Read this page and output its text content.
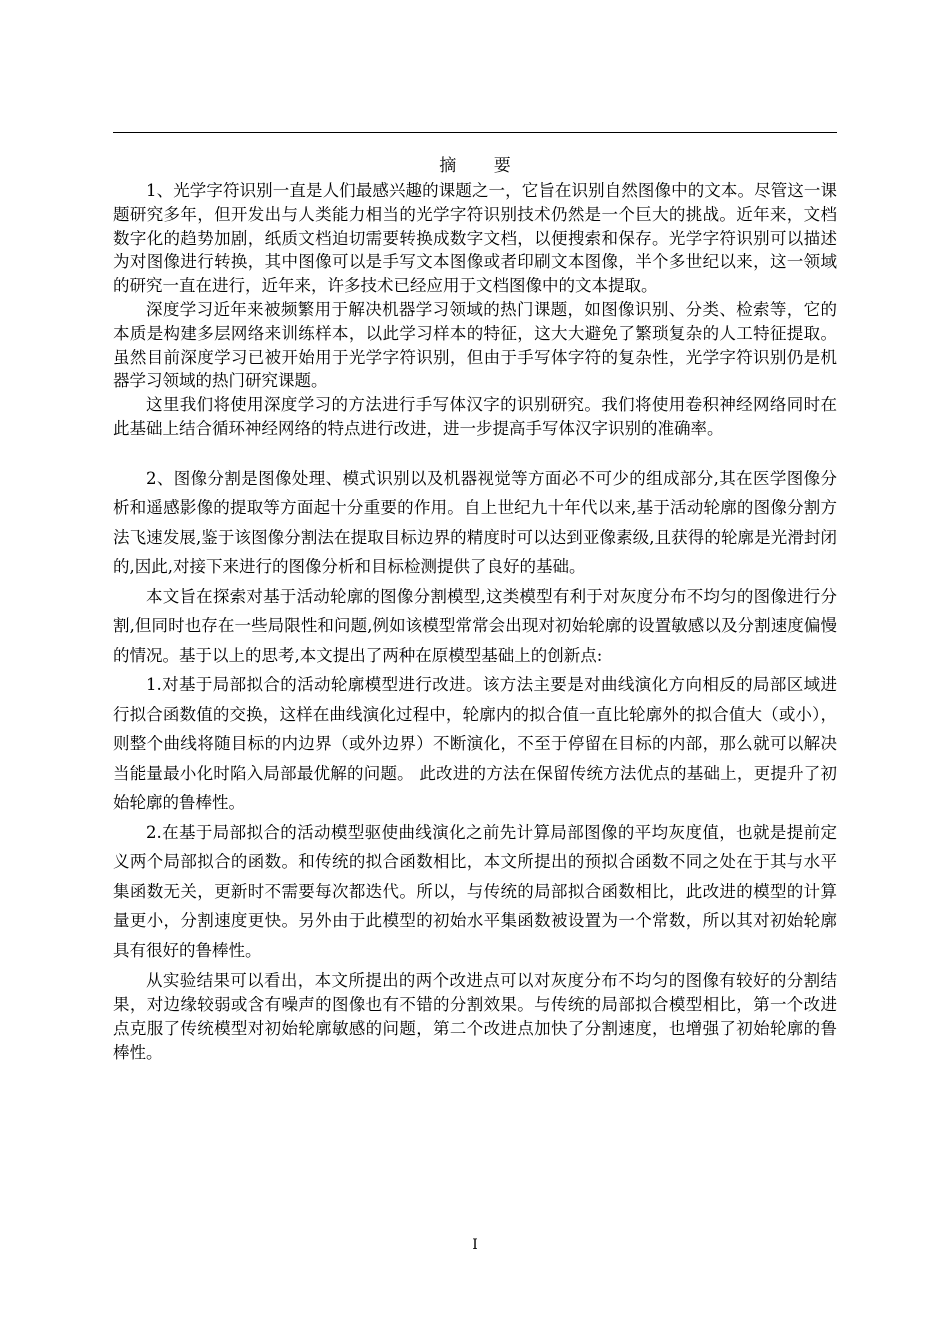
摘 要

1、光学字符识别一直是人们最感兴趣的课题之一，它旨在识别自然图像中的文本。尽管这一课题研究多年，但开发出与人类能力相当的光学字符识别技术仍然是一个巨大的挑战。近年来，文档数字化的趋势加剧，纸质文档迫切需要转换成数字文档，以便搜索和保存。光学字符识别可以描述为对图像进行转换，其中图像可以是手写文本图像或者印刷文本图像，半个多世纪以来，这一领域的研究一直在进行，近年来，许多技术已经应用于文档图像中的文本提取。

深度学习近年来被频繁用于解决机器学习领域的热门课题，如图像识别、分类、检索等，它的本质是构建多层网络来训练样本，以此学习样本的特征，这大大避免了繁琐复杂的人工特征提取。虽然目前深度学习已被开始用于光学字符识别，但由于手写体字符的复杂性，光学字符识别仍是机器学习领域的热门研究课题。

这里我们将使用深度学习的方法进行手写体汉字的识别研究。我们将使用卷积神经网络同时在此基础上结合循环神经网络的特点进行改进，进一步提高手写体汉字识别的准确率。

2、图像分割是图像处理、模式识别以及机器视觉等方面必不可少的组成部分,其在医学图像分析和遥感影像的提取等方面起十分重要的作用。自上世纪九十年代以来,基于活动轮廓的图像分割方法飞速发展,鉴于该图像分割法在提取目标边界的精度时可以达到亚像素级,且获得的轮廓是光滑封闭的,因此,对接下来进行的图像分析和目标检测提供了良好的基础。

本文旨在探索对基于活动轮廓的图像分割模型,这类模型有利于对灰度分布不均匀的图像进行分割,但同时也存在一些局限性和问题,例如该模型常常会出现对初始轮廓的设置敏感以及分割速度偏慢的情况。基于以上的思考,本文提出了两种在原模型基础上的创新点:

1.对基于局部拟合的活动轮廓模型进行改进。该方法主要是对曲线演化方向相反的局部区域进行拟合函数值的交换，这样在曲线演化过程中，轮廓内的拟合值一直比轮廓外的拟合值大（或小），则整个曲线将随目标的内边界（或外边界）不断演化，不至于停留在目标的内部，那么就可以解决当能量最小化时陷入局部最优解的问题。 此改进的方法在保留传统方法优点的基础上，更提升了初始轮廓的鲁棒性。

2.在基于局部拟合的活动模型驱使曲线演化之前先计算局部图像的平均灰度值，也就是提前定义两个局部拟合的函数。和传统的拟合函数相比，本文所提出的预拟合函数不同之处在于其与水平集函数无关，更新时不需要每次都迭代。所以，与传统的局部拟合函数相比，此改进的模型的计算量更小，分割速度更快。另外由于此模型的初始水平集函数被设置为一个常数，所以其对初始轮廓具有很好的鲁棒性。

从实验结果可以看出，本文所提出的两个改进点可以对灰度分布不均匀的图像有较好的分割结果，对边缘较弱或含有噪声的图像也有不错的分割效果。与传统的局部拟合模型相比，第一个改进点克服了传统模型对初始轮廓敏感的问题，第二个改进点加快了分割速度，也增强了初始轮廓的鲁棒性。

I
